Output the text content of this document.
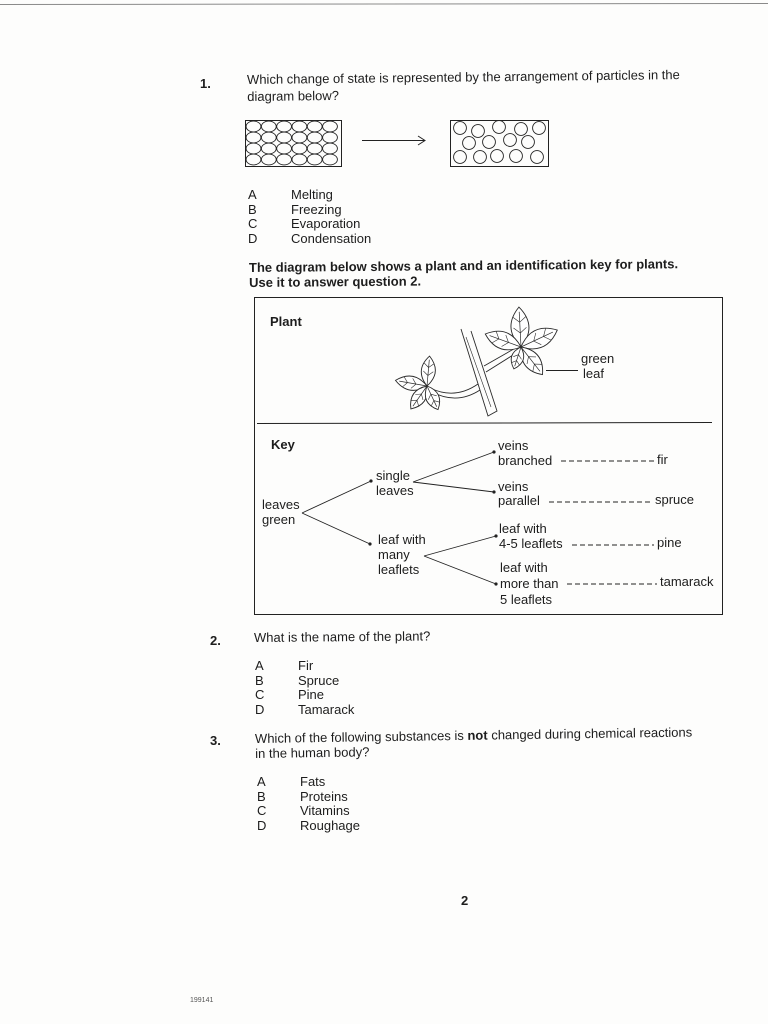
1.	Which change of state is represented by the arrangement of particles in the
diagram below?
A	Melting
B	Freezing
C	Evaporation
D	Condensation
The diagram below shows a plant and an identification key for plants.
Use it to answer question 2.
Plant
green
leaf
Key
leaves
green
single
leaves
leaf with
many
leaflets
veins
branched	fir
veins
parallel	spruce
leaf with
4-5 leaflets	pine
leaf with
more than
5 leaflets
tamarack
2.	What is the name of the plant?
A	Fir
B	Spruce
C	Pine
D	Tamarack
3.	Which of the following substances is not changed during chemical reactions
in the human body?
A	Fats
B	Proteins
C	Vitamins
D	Roughage
2
199141
